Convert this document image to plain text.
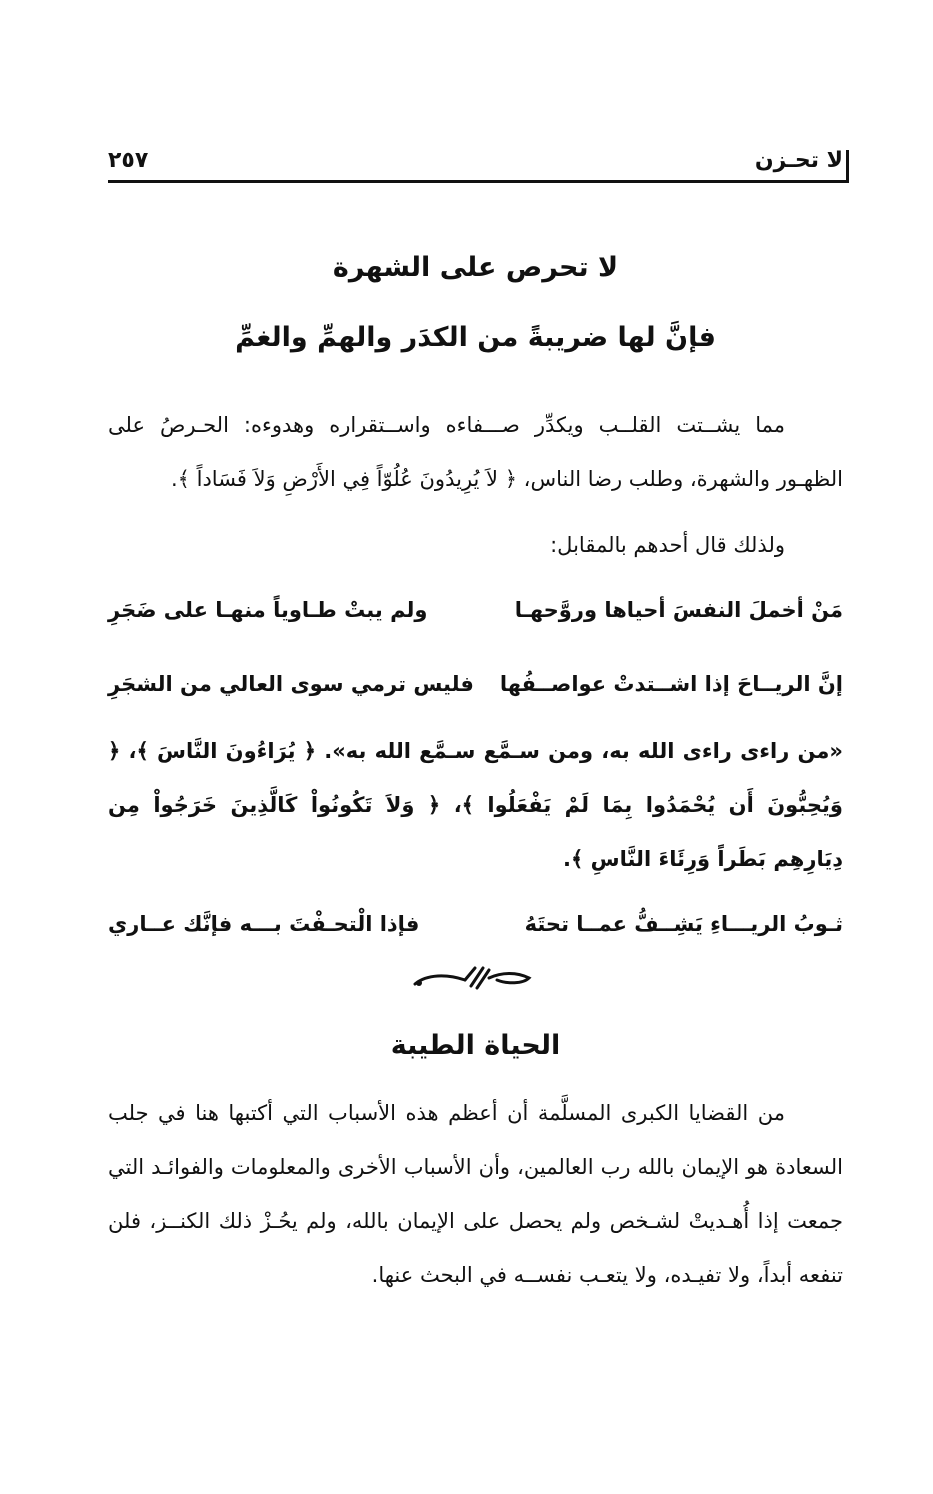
لا تحـزن
٢٥٧
لا تحرص على الشهرة
فإنَّ لها ضريبةً من الكدَر والهمِّ والغمِّ
مما يشــتت القلــب ويكدِّر صـــفاءه واســتقراره وهدوءه: الحـرصُ على الظهـور والشهرة، وطلب رضا الناس، ﴿ لاَ يُرِيدُونَ عُلُوّاً فِي الأَرْضِ وَلاَ فَسَاداً ﴾.
ولذلك قال أحدهم بالمقابل:
مَنْ أخملَ النفسَ أحياها وروَّحهـا
ولم يبتْ طـاوياً منهـا على ضَجَرِ
إنَّ الريــاحَ إذا اشــتدتْ عواصــفُها
فليس ترمي سوى العالي من الشجَرِ
«من راءى راءى الله به، ومن سـمَّع سـمَّع الله به». ﴿ يُرَاءُونَ النَّاسَ ﴾، ﴿ وَيُحِبُّونَ أَن يُحْمَدُوا بِمَا لَمْ يَفْعَلُوا ﴾، ﴿ وَلاَ تَكُونُواْ كَالَّذِينَ خَرَجُواْ مِن دِيَارِهِم بَطَراً وَرِئَاءَ النَّاسِ ﴾.
ثـوبُ الريـــاءِ يَشِــفُّ عمــا تحتَهُ
فإذا الْتحـفْتَ بـــه فإنَّك عــاري
الحياة الطيبة
من القضايا الكبرى المسلَّمة أن أعظم هذه الأسباب التي أكتبها هنا في جلب السعادة هو الإيمان بالله رب العالمين، وأن الأسباب الأخرى والمعلومات والفوائـد التي جمعت إذا أُهـديتْ لشـخص ولم يحصل على الإيمان بالله، ولم يحُـزْ ذلك الكنــز، فلن تنفعه أبداً، ولا تفيـده، ولا يتعـب نفســه في البحث عنها.
